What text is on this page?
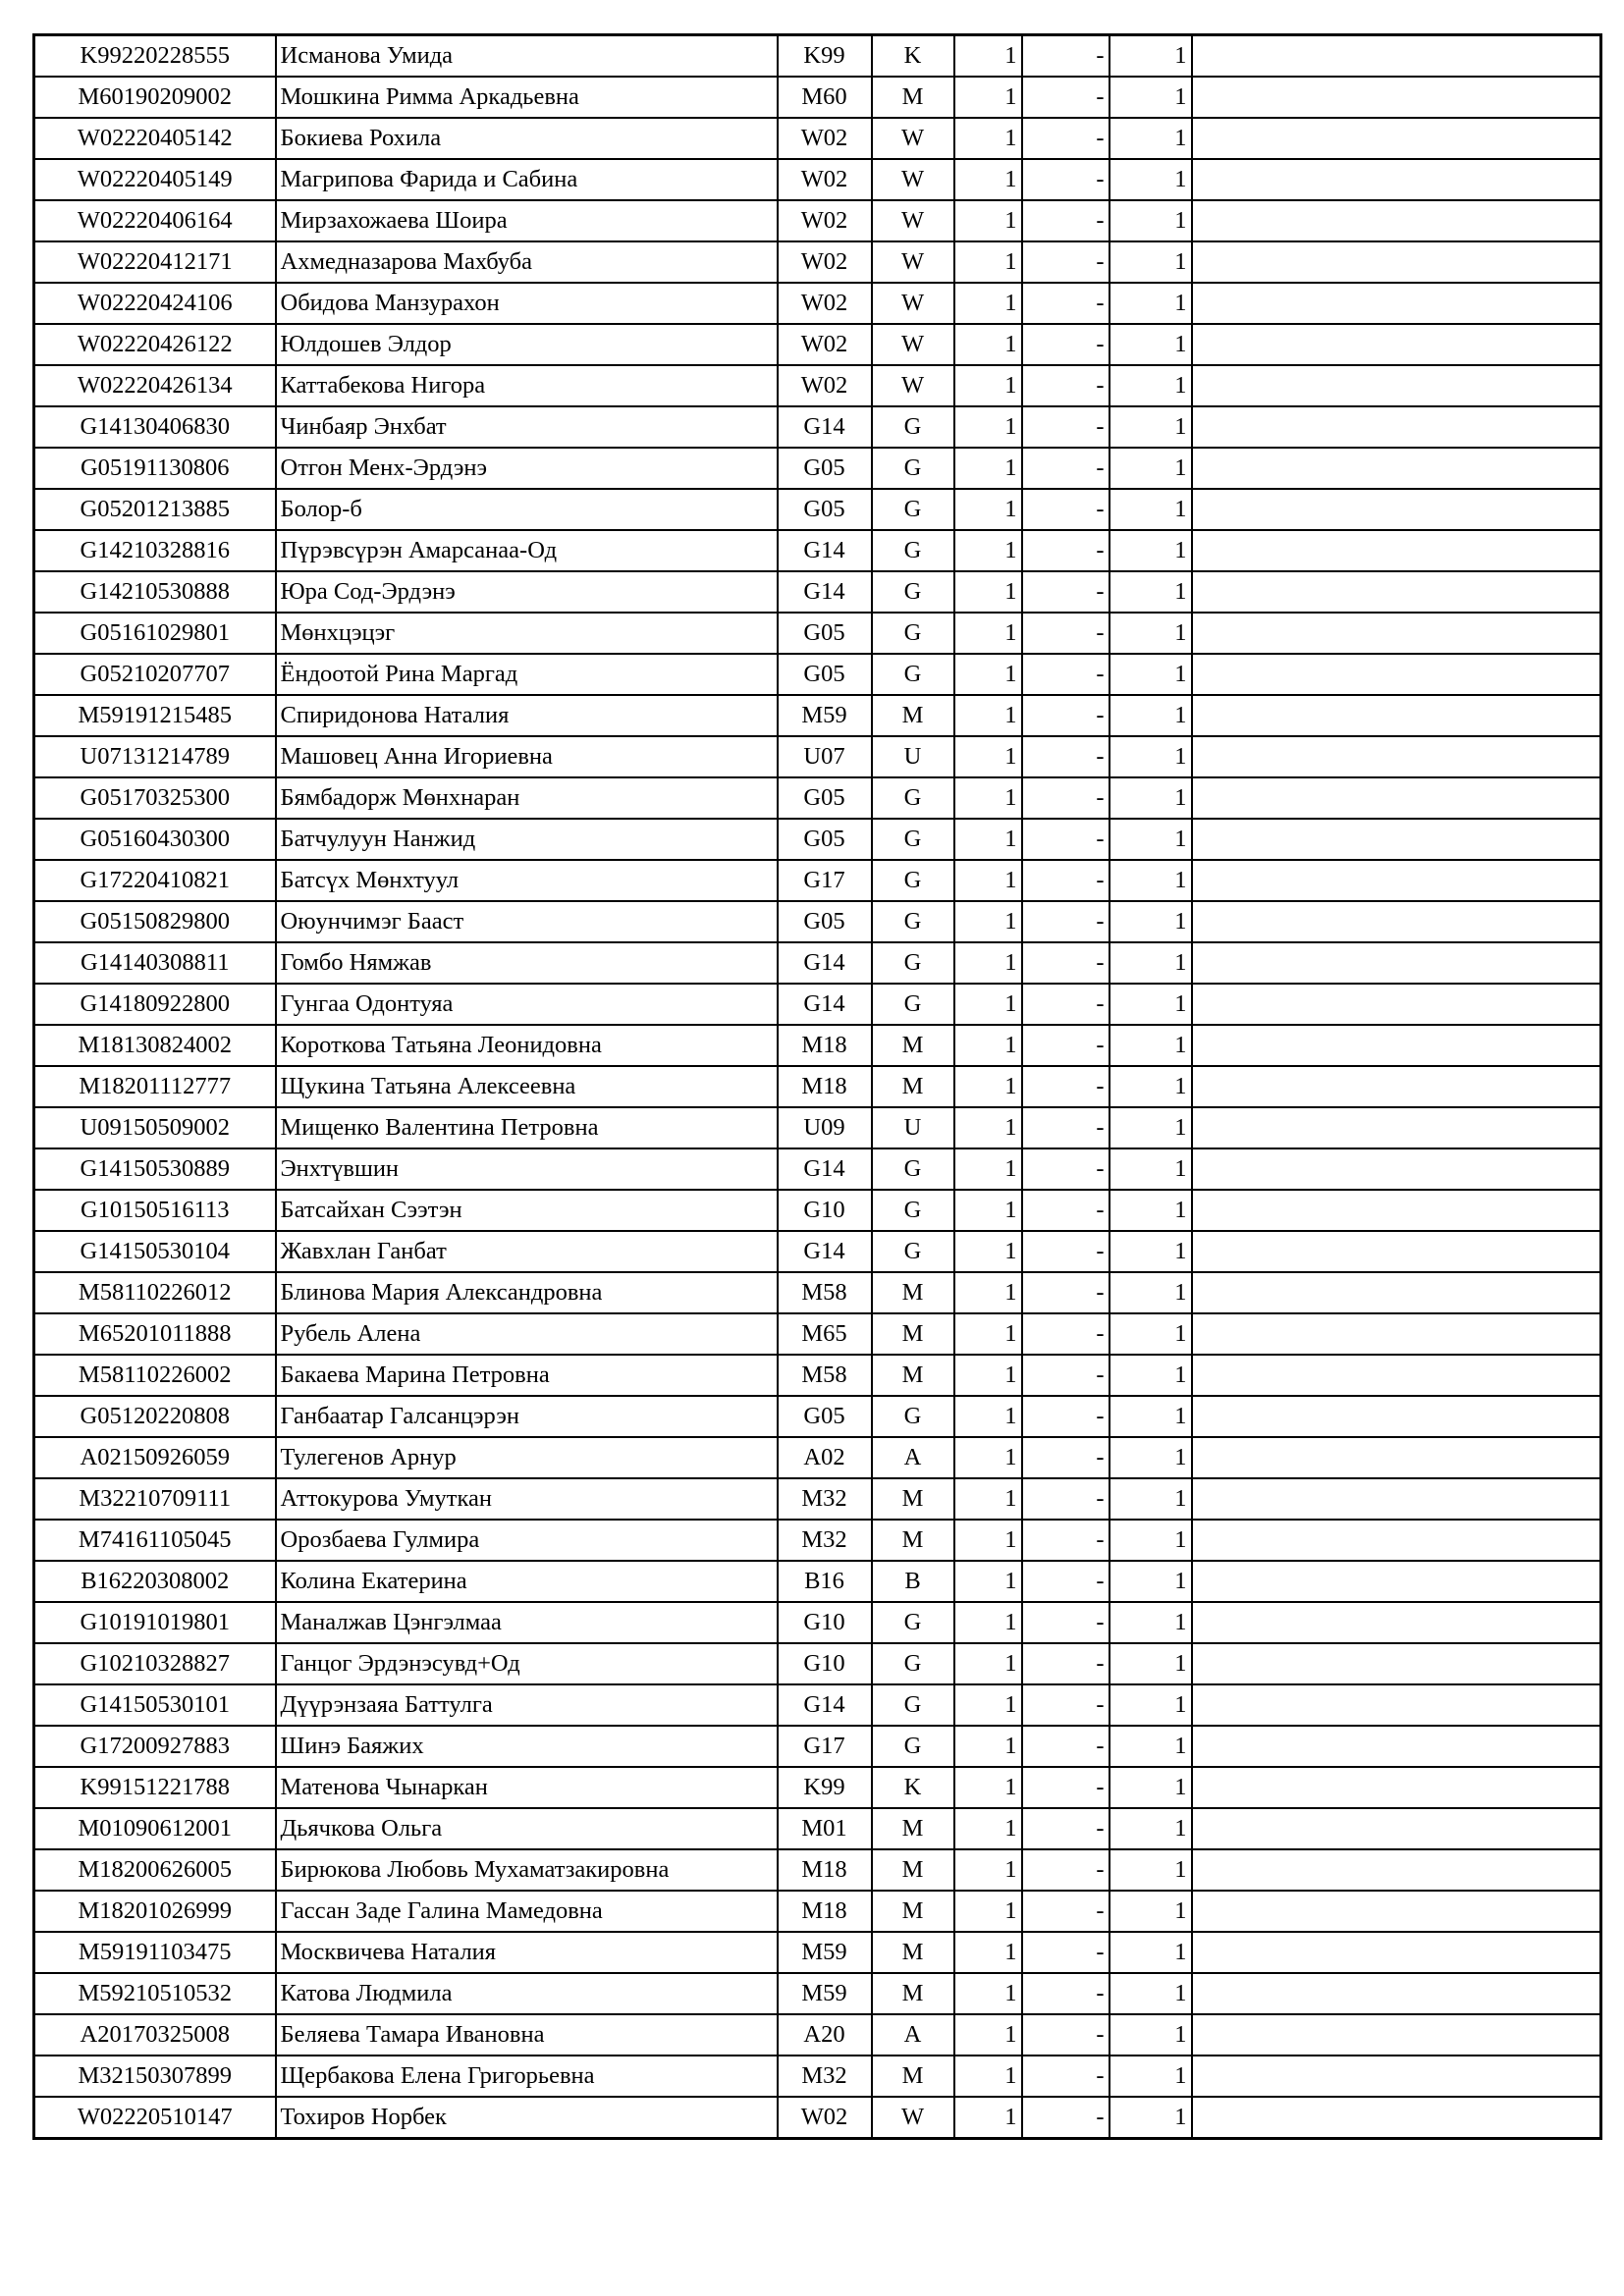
K99220228555	Исманова Умида	K99	K	1	-	1	
M60190209002	Мошкина Римма Аркадьевна	M60	M	1	-	1	
W02220405142	Бокиева Рохила	W02	W	1	-	1	
W02220405149	Магрипова Фарида и Сабина	W02	W	1	-	1	
W02220406164	Мирзахожаева Шоира	W02	W	1	-	1	
W02220412171	Ахмедназарова Махбуба	W02	W	1	-	1	
W02220424106	Обидова Манзурахон	W02	W	1	-	1	
W02220426122	Юлдошев Элдор	W02	W	1	-	1	
W02220426134	Каттабекова Нигора	W02	W	1	-	1	
G14130406830	Чинбаяр Энхбат	G14	G	1	-	1	
G05191130806	Отгон Менх-Эрдэнэ	G05	G	1	-	1	
G05201213885	Болор-б	G05	G	1	-	1	
G14210328816	Пүрэвсүрэн Амарсанаа-Од	G14	G	1	-	1	
G14210530888	Юра Сод-Эрдэнэ	G14	G	1	-	1	
G05161029801	Мөнхцэцэг	G05	G	1	-	1	
G05210207707	Ёндоотой Рина Маргад	G05	G	1	-	1	
M59191215485	Спиридонова Наталия	M59	M	1	-	1	
U07131214789	Машовец Анна Игориевна	U07	U	1	-	1	
G05170325300	Бямбадорж Мөнхнаран	G05	G	1	-	1	
G05160430300	Батчулуун Нанжид	G05	G	1	-	1	
G17220410821	Батсүх Мөнхтуул	G17	G	1	-	1	
G05150829800	Оюунчимэг Бааст	G05	G	1	-	1	
G14140308811	Гомбо Нямжав	G14	G	1	-	1	
G14180922800	Гунгаа Одонтуяа	G14	G	1	-	1	
M18130824002	Короткова Татьяна Леонидовна	M18	M	1	-	1	
M18201112777	Щукина Татьяна Алексеевна	M18	M	1	-	1	
U09150509002	Мищенко Валентина Петровна	U09	U	1	-	1	
G14150530889	Энхтүвшин	G14	G	1	-	1	
G10150516113	Батсайхан Сээтэн	G10	G	1	-	1	
G14150530104	Жавхлан Ганбат	G14	G	1	-	1	
M58110226012	Блинова Мария Александровна	M58	M	1	-	1	
M65201011888	Рубель Алена	M65	M	1	-	1	
M58110226002	Бакаева Марина Петровна	M58	M	1	-	1	
G05120220808	Ганбаатар Галсанцэрэн	G05	G	1	-	1	
A02150926059	Тулегенов Арнур	A02	A	1	-	1	
M32210709111	Аттокурова Умуткан	M32	M	1	-	1	
M74161105045	Орозбаева Гулмира	M32	M	1	-	1	
B16220308002	Колина Екатерина	B16	B	1	-	1	
G10191019801	Маналжав Цэнгэлмаа	G10	G	1	-	1	
G10210328827	Ганцог Эрдэнэсувд+Од	G10	G	1	-	1	
G14150530101	Дүүрэнзаяа Баттулга	G14	G	1	-	1	
G17200927883	Шинэ Баяжих	G17	G	1	-	1	
K99151221788	Матенова Чынаркан	K99	K	1	-	1	
M01090612001	Дьячкова Ольга	M01	M	1	-	1	
M18200626005	Бирюкова Любовь Мухаматзакировна	M18	M	1	-	1	
M18201026999	Гассан Заде Галина Мамедовна	M18	M	1	-	1	
M59191103475	Москвичева Наталия	M59	M	1	-	1	
M59210510532	Катова Людмила	M59	M	1	-	1	
A20170325008	Беляева Тамара Ивановна	A20	A	1	-	1	
M32150307899	Щербакова Елена Григорьевна	M32	M	1	-	1	
W02220510147	Тохиров Норбек	W02	W	1	-	1	
